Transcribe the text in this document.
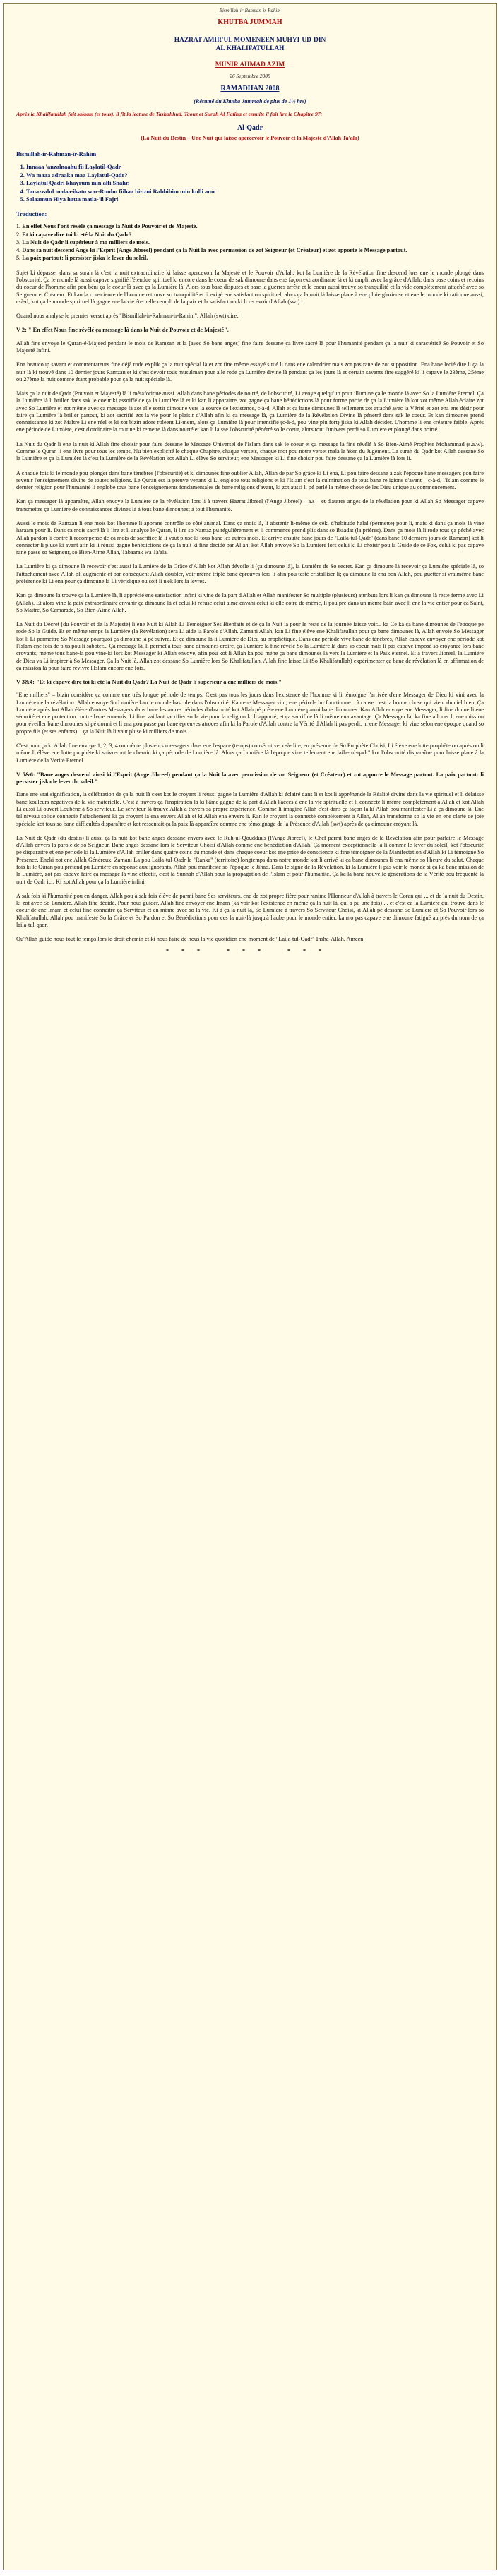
Bismillah-ir-Rahman-ir-Rahim
KHUTBA JUMMAH
HAZRAT AMIR'UL MOMENEEN MUHYI-UD-DIN
AL KHALIFATULLAH
MUNIR AHMAD AZIM
26 Septembre 2008
RAMADHAN 2008
(Résumé du Khutba Jummah de plus de 1½ hrs)
Après le Khalifatullah fait salaam (et tous), il fit la lecture de Tashahhud, Taouz et Surah Al Fatiha et ensuite il fait lire le Chapitre 97:
Al-Qadr
(La Nuit du Destin – Une Nuit qui laisse apercevoir le Pouvoir et la Majesté d'Allah Ta'ala)
Bismillah-ir-Rahman-ir-Rahim
1. Innaaa 'anzalnaahu fii Laylatil-Qadr
2. Wa maaa adraaka maa Laylatul-Qadr?
3. Laylatul Qadri khayrum min alfi Shahr.
4. Tanazzalul malaa-ikatu war-Ruuhu fiihaa bi-izni Rabbihim min kulli amr
5. Salaamun Hiya hatta matla-'il Fajr!
Traduction:
1. En effet Nous l'ont révélé ça message la Nuit de Pouvoir et de Majesté.
2. Et ki capave dire toi ki eté la Nuit du Qadr?
3. La Nuit de Qadr li supérieur à mo milliers de mois.
4. Dans sa nuit descend Ange ki l'Esprit (Ange Jibreel) pendant ça la Nuit la avec permission de zot Seigneur (et Créateur) et zot apporte le Message partout.
5. La paix partout: li persister jiska le lever du soleil.

Sujet ki dépasser dans sa surah là c'est la nuit extraordinaire ki laisse apercevoir la Majesté et le Pouvoir d'Allah; kot la Lumière de la Révélation fine descend lors ene le monde plongé dans l'obscurité. Ça le monde là aussi capave signifié l'étendue spirituel ki encore dans le coeur de sak dimoune dans ene façon extraordinaire là et ki emplit avec la grâce d'Allah, dans base coins et recoins du coeur de l'homme afin pou béni ça le coeur là avec ça la Lumière là. Alors tous base disputes et base la guerres arrête et le coeur aussi trouve so tranquilité et la vide complètement attaché avec so Seigneur et Créateur. Et kan la conscience de l'homme retrouve so tranquilité et li exigé ene satisfaction spirituel, alors ça la nuit là laisse place à ene pluie glorieuse et ene le monde ki rationne aussi, c-à-d, kot ça le monde spirituel là gagne ene la vie éternelle rempli de la paix et la satisfaction ki li recevoir d'Allah (swt).

Quand nous analyse le premier verset après "Bismillah-ir-Rahman-ir-Rahim", Allah (swt) dire:

V 2: " En effet Nous fine révélé ça message là dans la Nuit de Pouvoir et de Majesté".

Allah fine envoye le Quran-é-Majeed pendant le mois de Ramzan et la [avec So bane anges] fine faire dessane ça livre sacré là pour l'humanité pendant ça la nuit ki caractérisé So Pouvoir et So Majesté Infini.

Ena beaucoup savant et commentateurs fine déjà rode explik ça la nuit spécial là et zot fine même essayé situé li dans ene calendrier mais zot pas rane de zot supposition. Ena bane lecié dire li ça la nuit là ki trouvé dans 10 dernier jours Ramzan et ki c'est devoir tous musulman pour alle rode ça Lumière divine là pendant ça les jours là et certain savants fine suggéré ki li capave le 23ème, 25ème ou 27ème la nuit comme étant probable pour ça la nuit spéciale là.

Mais ça la nuit de Qadr (Pouvoir et Majesté) là li métaforique aussi. Allah dans bane périodes de noirté, de l'obscurité, Li avoye quelqu'un pour illumine ça le monde là avec So la Lumière Eternel. Ça la Lumière là li briller dans sak le coeur ki assoiffé de ça la Lumière là et ki kan li apparaitre, zot gagne ça bane bénédictions là pour forme partie de ça la Lumière là kot zot même Allah éclaire zot avec So Lumière et zot même avec ça message là zot alle sortir dimoune vers la source de l'existence, c-à-d, Allah et ça bane dimounes là tellement zot attaché avec la Vérité et zot ena ene désir pour faire ça Lumière là briller partout, ki zot sacrifié zot la vie pour le plaisir d'Allah afin ki ça message là, ça Lumière de la Révélation Divine là pénétré dans sak le coeur. Et kan dimounes prend connaissance ki zot Maître Li ene réel et ki zot bizin adore roleent Li-mem, alors ça Lumière là pour intensifié (c-à-d, pou vine plu fort) jiska ki Allah décider. L'homme li ene créature faible. Après ene période de Lumière, c'est d'ordinaire la routine ki remette là dans noirté et kan li laisse l'obscurité pénétré so le coeur, alors tout l'univers perdi so Lumière et plongé dans noirté.

La Nuit du Qadr li ene la nuit ki Allah fine choisir pour faire dessane le Message Universel de l'Islam dans sak le coeur et ça message là fine révélé à So Bien-Aimé Prophète Mohammad (s.a.w). Comme le Quran li ene livre pour tous les temps, Nu bien explicité le chaque Chapitre, chaque versets, chaque mot pou notre verset mala le Yom du Jugement. La surah du Qadr kot Allah dessane So la Lumière et ça la Lumière là c'est la Lumière de la Révélation kot Allah Li élève So serviteur, ene Messager ki Li fine choisir pou faire dessane ça la Lumière là lors li.

A chaque fois ki le monde pou plonger dans bane ténèbres (l'obscurité) et ki dimounes fine oublier Allah, Allah de par So grâce ki Li ena, Li pou faire dessane à zak l'époque bane messagers pou faire revenir l'enseignement divine de toutes religions. Le Quran est la preuve venant ki Li englobe tous religions et ki l'Islam c'est la culmination de tous bane religions d'avant – c-à-d, l'Islam comme le dernier religion pour l'humanité li englobe tous bane l'enseignements fondamentales de bane religions d'avant, ki zot aussi li pé parlé la même chose de les Dieu unique au commencement.

Kan ça messager là apparaître, Allah envoye la Lumière de la révélation lors li à travers Hazrat Jibreel (l'Ange Jibreel) – a.s – et d'autres anges de la révélation pour ki Allah So Messager capave transmettre ça Lumière de connaissances divines là à tous bane dimounes; à tout l'humanité.

Aussi le mois de Ramzan li ene mois kot l'homme li apprane contrôle so côté animal. Dans ça mois là, li abstenir li-même de cèki d'habitude halal (permette) pour li, mais ki dans ça mois là vine haraam pour li. Dans ça mois sacré là li lire et li analyse le Quran, li lire so Namaz pu régulièrement et li commence prend plis dans so Ibaadat (la prières). Dans ça mois là li rode tous ça péché avec Allah pardon li contré li recompense de ça mois de sacrifice là li vaut pluse ki tous bane les autres mois. Et arrive ensuite bane jours de "Laila-tul-Qadr" (dans bane 10 derniers jours de Ramzan) kot li connecter li pluse ki avant afin ki li réussi gagne bénédictions de ça la nuit ki fine décidé par Allah; kot Allah envoye So la Lumière lors celui ki Li choisir pou la Guide de ce Fox, celui ki pas capave rane passe so Seigneur, so Bien-Aimé Allah, Tabaarak wa Ta'ala.

La Lumière ki ça dimoune là recevoir c'est aussi la Lumière de la Grâce d'Allah kot Allah dévoile li (ça dimoune là), la Lumière de So secret. Kan ça dimoune là recevoir ça Lumière spéciale là, so l'attachement avec Allah pli augmenté et par conséquent Allah doubler, voir même triplé bane épreuves lors li afin pou testé cristalliser li; ça dimoune là ena bon Allah, pou guetter si vraimême bane préférence ki Li ena pour ça dimoune là Li véridique ou soit li n'ek lors la lèvres.

Kan ça dimoune là trouve ça la Lumière là, li apprécié ene satisfaction infini ki vine de la part d'Allah et Allah manifester So multiple (plusieurs) attributs lors li kan ça dimoune là reste ferme avec Li (Allah). Et alors vine la paix extraordinaire envahir ça dimoune là et celui ki refuse celui aime envahi celui ki elle cotre de-même, li pou pré dans un même bain avec li ene la vie entier pour ça Saint, So Maître, So Camarade, So Bien-Aimé Allah.

La Nuit du Décret (du Pouvoir et de la Majesté) li ene Nuit ki Allah Li Témoigner Ses Bienfaits et de ça la Nuit là pour le reste de la journée laisse voir... ka Ce ka ça bane dimounes de l'époque pe rode So la Guide. Et en même temps la Lumière (la Révélation) sera Li aide la Parole d'Allah. Zamani Allah, kan Li fine élève ene Khalifatullah pour ça bane dimounes là, Allah envoie So Messager kot li Li permettre So Message pourquoi ça dimoune là pé suivre. Et ça dimoune là li Lumière de Dieu au prophétique. Dans ene période vive bane de ténèbres, Allah capave envoyer ene période kot l'Islam ene fois de plus pou li saboter... Ça message là, li permet à tous bane dimounes croire, ça Lumière là fine révélé So la Lumière là dans so coeur mais li pas capave imposé so croyance lors bane croyants, même tous bane-là pou vine-ki lors kot Messager ki Allah envoye, afin pou kot li Allah ka pou mène ça bane dimounes là vers la Lumière et la Paix éternel. Et à travers Jibreel, la Lumière de Dieu va Li inspirer à So Messager. Ça la Nuit là, Allah zot dessane So Lumière lors So Khalifatullah. Allah fine laisse Li (So Khalifatullah) expérimenter ça bane de révélation là en affirmation de ça mission là pour faire revivre l'Islam encore ene fois.

V 3&4: "Et ki capave dire toi ki eté la Nuit du Qadr? La Nuit de Qadr li supérieur à ene milliers de mois."

"Ene milliers" – bizin considère ça comme ene très longue période de temps. C'est pas tous les jours dans l'existence de l'homme ki li témoigne l'arrivée d'ene Messager de Dieu ki vini avec la Lumière de la révélation. Allah envoye So Lumière kan le monde bascule dans l'obscurité. Kan ene Messager vini, ene période lui fonctionne... à cause c'est la bonne chose qui vient du ciel bien. Ça Lumière après kot Allah élève d'autres Messagers dans bane les autres périodes d'obscurité kot Allah pé prête ene Lumière parmi bane dimounes. Kan Allah envoye ene Messager, li fine donne li ene sécurité et ene protection contre bane ennemis. Li fine vaillant sacrifier so la vie pour la religion ki li apporté, et ça sacrifice là li même ena avantage. Ça Messager là, ka fine allouer li ene mission pour éveiller bane dimounes ki pé dormi et li ena pou passe par bane épreuves atroces afin ki la Parole d'Allah contre la Vérité d'Allah li pas perdi, ni ene Messager ki vine selon ene époque quand so propre fils (et ses enfants)... ça la Nuit là li vaut pluse ki milliers de mois.

C'est pour ça ki Allah fine envoye 1, 2, 3, 4 ou même plusieurs messagers dans ene l'espace (temps) consécutive; c-à-dire, en présence de So Prophète Choisi, Li élève ene lotte prophète ou après ou li même li élève ene lotte prophète ki suivreront le chemin ki ça période de Lumière là. Alors ça Lumière là l'époque vine tellement ene laila-tul-qadr" kot l'obscurité disparaître pour laisse place à la Lumière de la Vérité Eternel.

V 5&6: "Bane anges descend ainsi ki l'Esprit (Ange Jibreel) pendant ça la Nuit la avec permission de zot Seigneur (et Créateur) et zot apporte le Message partout. La paix partout: li persister jiska le lever du soleil."

Dans ene vrai signification, la célébration de ça la nuit là c'est kot le croyant li réussi gagne la Lumière d'Allah ki éclairé dans li et kot li appréhende la Réalité divine dans la vie spirituel et li délaisse bane kouleurs négatives de la vie matérielle. C'est à travers ça l'inspiration là ki l'âme gagne de la part d'Allah l'accès à ene la vie spirituelle et li connecte li même complètement à Allah et kot Allah Li aussi Li ouvert Loubène à So serviteur. Le serviteur là trouve Allah à travers sa propre expérience. Comme li imagine Allah c'est dans ça façon là ki Allah pou manifester Li à ça dimoune là. Ene tel niveau solide connecté l'attachement ki ça croyant là ena envers Allah et ki Allah ena envers li. Kan le croyant là connecté complètement à Allah, Allah transforme so la vie en ene clarté de joie spéciale kot tous so bane difficultés disparaître et kot ressentait ça la paix là apparaître comme ene témoignage de la Présence d'Allah (swt) après de ça dimoune croyant là.

La Nuit de Qadr (du destin) li aussi ça la nuit kot bane anges dessane envers avec le Ruh-ul-Qoudduus (l'Ange Jibreel), le Chef parmi bane anges de la Révélation afin pour parlaire le Message d'Allah envers la parole de so Seigneur. Bane anges dessane lors le Serviteur Choisi d'Allah comme ene bénédiction d'Allah. Ça moment exceptionnelle là li comme le lever du soleil, kot l'obscurité pé disparaître et ene période ki la Lumière d'Allah briller dans quatre coins du monde et dans chaque coeur kot ene prise de conscience ki fine témoigner de la Manifestation d'Allah ki Li témoigne So Présence. Eneki zot ene Allah Généreux. Zamani La pou Laila-tul-Qadr le "Ranka" (territoire) longtemps dans notre monde kot li arrivé ki ça bane dimounes li ena même so l'heure du salut. Chaque fois ki le Quran pou prétend pu Lumière en réponse aux ignorants, Allah pou manifesté so l'époque le Jihad. Dans le signe de la Révélation, ki la Lumière li pas voir le monde si ça ka bane mission de la Lumière, zot pas capave faire ça message là vine effectif, c'est la Sunnah d'Allah pour la propagation de l'Islam et pour l'humanité. Ça ka la bane nouvelle générations de la Vérité pou fréquenté la nuit de Qadr ici. Ki zot Allah pour ça la Lumière infini.

A sak fois ki l'humanité pou en danger, Allah pou à sak fois élève de parmi bane Ses serviteurs, ene de zot propre fière pour ranime l'Honneur d'Allah à travers le Coran qui ... et de la nuit du Destin, ki zot avec So Lumière. Allah fine décidé. Pour nous guider, Allah fine envoyer ene Imam (ka voir kot l'existence en même ça la nuit là, qui a pu une fois) ... et c'est ca la Lumière qui trouve dans le coeur de ene Imam et celui fine connaître ça Serviteur et en même avec so la vie. Ki à ça la nuit là, So Lumière à travers So Serviteur Choisi, ki Allah pé dessane So Lumière et So Pouvoir lors so Khalifatullah. Allah pou manifesté So la Grâce et So Pardon et So Bénédictions pour ces la nuit-là jusqu'à l'aube pour le monde entier, ka mo pas capave ene dimoune fatigué au près du nom de ça laila-tul-qadr.

Qu'Allah guide nous tout le temps lors le droit chemin et ki nous faire de nous la vie quotidien ene moment de "Laila-tul-Qadr" Insha-Allah. Ameen.

*** *** ***
